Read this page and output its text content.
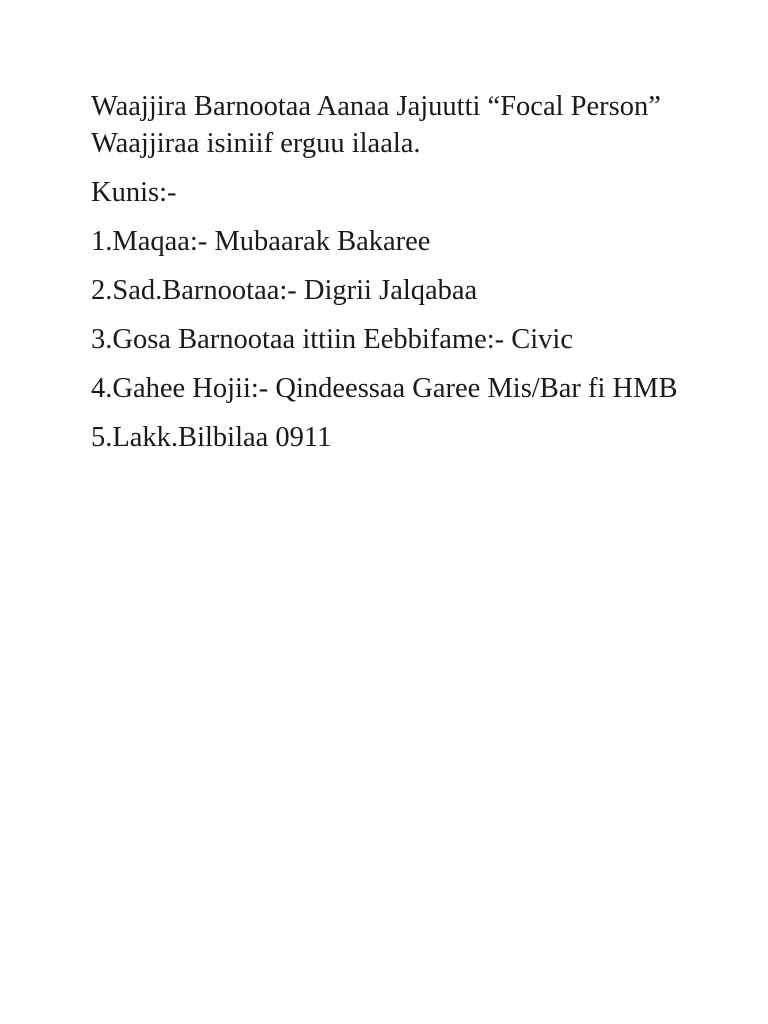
Waajjira Barnootaa Aanaa Jajuutti “Focal Person” Waajjiraa isiniif erguu ilaala.

Kunis:-

1.Maqaa:- Mubaarak Bakaree

2.Sad.Barnootaa:- Digrii Jalqabaa

3.Gosa Barnootaa ittiin Eebbifame:- Civic

4.Gahee Hojii:- Qindeessaa Garee Mis/Bar fi HMB

5.Lakk.Bilbilaa 0911
